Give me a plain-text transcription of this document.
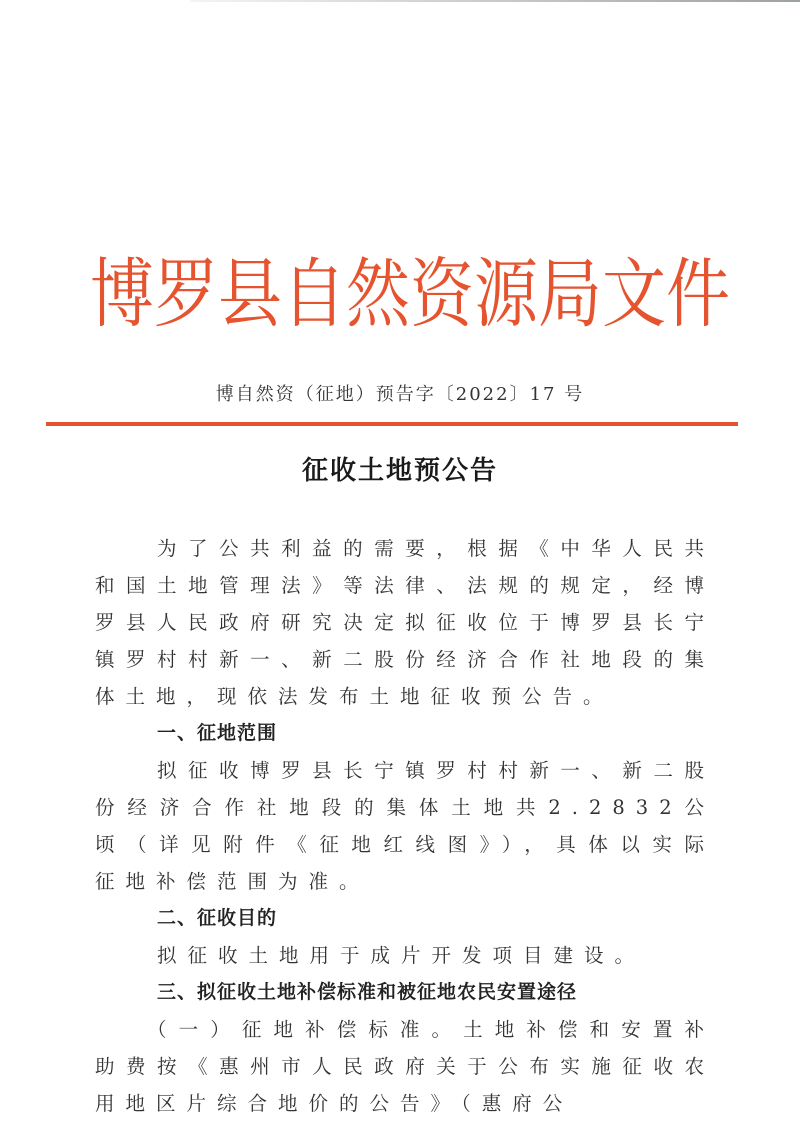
博 罗 县 自 然 资 源 局 文 件
博自然资（征地）预告字〔2022〕17 号
征收土地预公告

为了公共利益的需要，根据《中华人民共和国土地管理法》等法律、法规的规定，经博罗县人民政府研究决定拟征收位于博罗县长宁镇罗村村新一、新二股份经济合作社地段的集体土地，现依法发布土地征收预公告。

一、征地范围

拟征收博罗县长宁镇罗村村新一、新二股份经济合作社地段的集体土地共2.2832公顷（详见附件《征地红线图》），具体以实际征地补偿范围为准。

二、征收目的

拟征收土地用于成片开发项目建设。

三、拟征收土地补偿标准和被征地农民安置途径

（一）征地补偿标准。土地补偿和安置补助费按《惠州市人民政府关于公布实施征收农用地区片综合地价的公告》（惠府公
